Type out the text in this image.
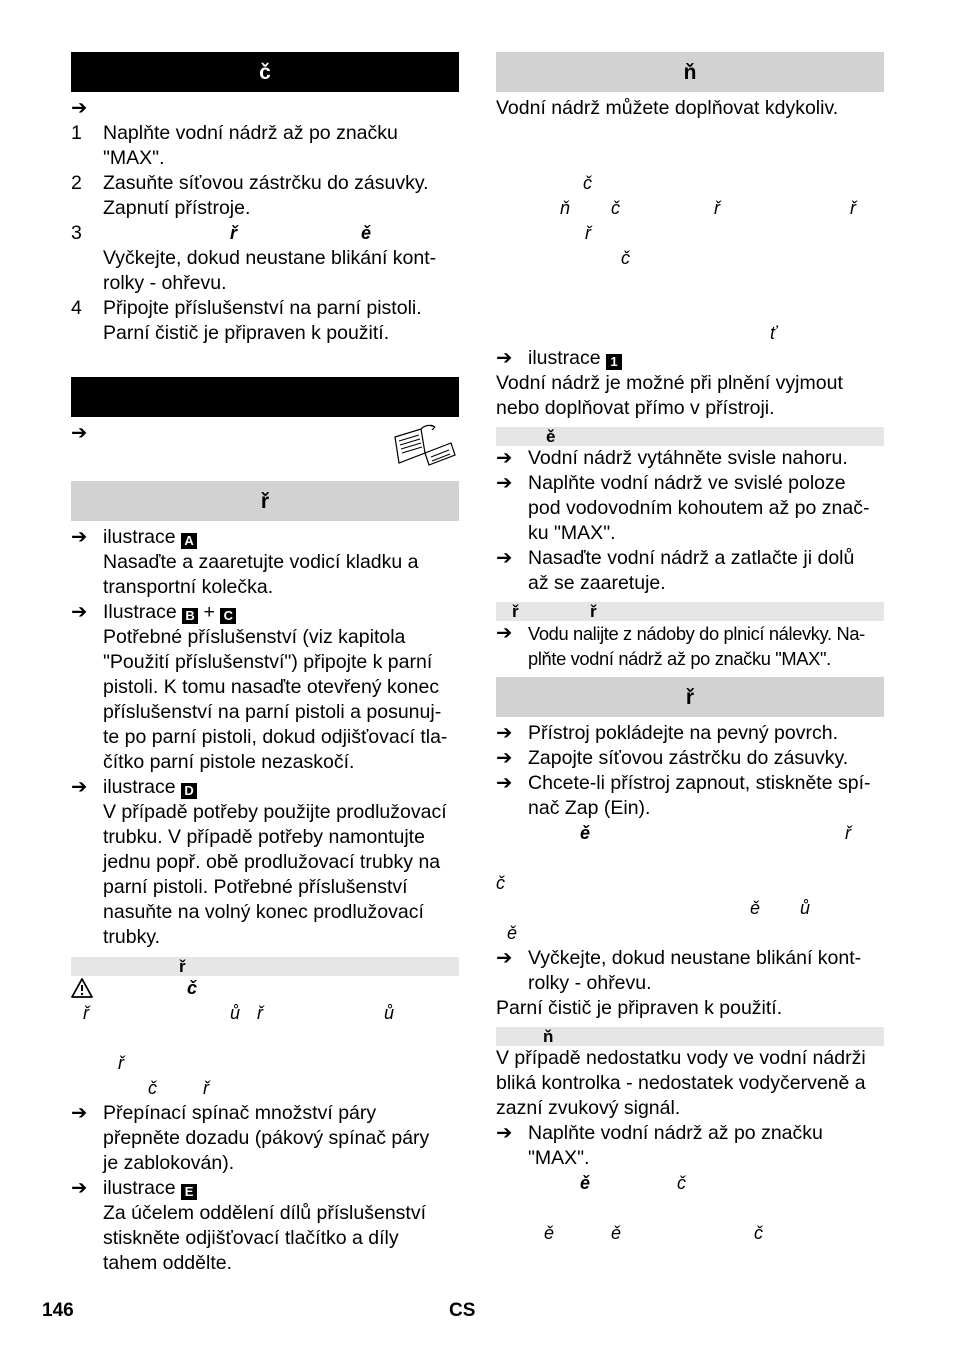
č
➔
1	Naplňte vodní nádrž až po značku
"MAX".
2	Zasuňte síťovou zástrčku do zásuvky.
Zapnutí přístroje.
3	ř	ě
Vyčkejte, dokud neustane blikání kont-
rolky - ohřevu.
4	Připojte příslušenství na parní pistoli.
Parní čistič je připraven k použití.
➔
ř
➔
ilustrace A
Nasaďte a zaaretujte vodicí kladku a
transportní kolečka.
➔
Ilustrace B + C
Potřebné příslušenství (viz kapitola
"Použití příslušenství") připojte k parní
pistoli. K tomu nasaďte otevřený konec
příslušenství na parní pistoli a posunuj-
te po parní pistoli, dokud odjišťovací tla-
čítko parní pistole nezaskočí.
➔
ilustrace D
V případě potřeby použijte prodlužovací
trubku. V případě potřeby namontujte
jednu popř. obě prodlužovací trubky na
parní pistoli. Potřebné příslušenství
nasuňte na volný konec prodlužovací
trubky.
ř
č
ř	ů ř	ů
ř
č	ř
➔
Přepínací spínač množství páry
přepněte dozadu (pákový spínač páry
je zablokován).
➔
ilustrace E
Za účelem oddělení dílů příslušenství
stiskněte odjišťovací tlačítko a díly
tahem oddělte.
ň
Vodní nádrž můžete doplňovat kdykoliv.
č
ň č	ř	ř
ř
č
ť
➔
ilustrace 1
Vodní nádrž je možné při plnění vyjmout
nebo doplňovat přímo v přístroji.
ě
➔
Vodní nádrž vytáhněte svisle nahoru.
➔
Naplňte vodní nádrž ve svislé poloze
pod vodovodním kohoutem až po znač-
ku "MAX".
➔
Nasaďte vodní nádrž a zatlačte ji dolů
až se zaaretuje.
ř	ř
➔
Vodu nalijte z nádoby do plnicí nálevky. Na-
plňte vodní nádrž až po značku "MAX".
ř
➔
Přístroj pokládejte na pevný povrch.
➔
Zapojte síťovou zástrčku do zásuvky.
➔
Chcete-li přístroj zapnout, stiskněte spí-
nač Zap (Ein).
ě	ř
č
ě ů
ě
➔
Vyčkejte, dokud neustane blikání kont-
rolky - ohřevu.
Parní čistič je připraven k použití.
ň
V případě nedostatku vody ve vodní nádrži
bliká kontrolka - nedostatek vodyčerveně a
zazní zvukový signál.
➔
Naplňte vodní nádrž až po značku
"MAX".
ě	č
ě	ě	č
146	CS
